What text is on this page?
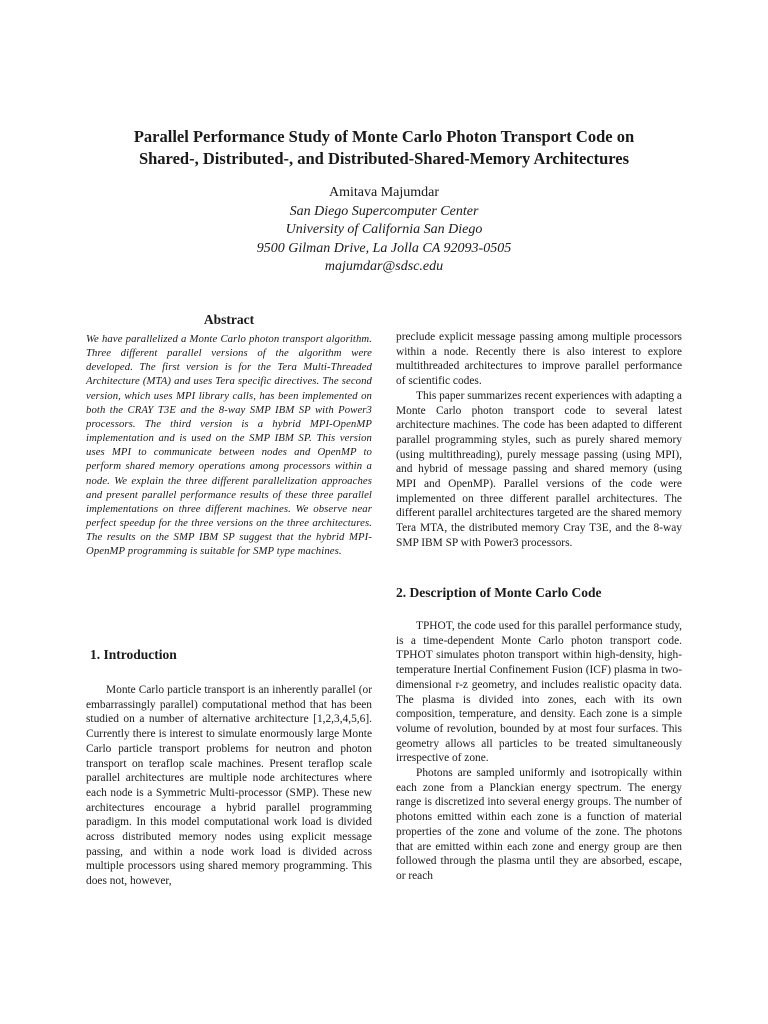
Parallel Performance Study of Monte Carlo Photon Transport Code on
Shared-, Distributed-, and Distributed-Shared-Memory Architectures
Amitava Majumdar
San Diego Supercomputer Center
University of California San Diego
9500 Gilman Drive, La Jolla CA 92093-0505
majumdar@sdsc.edu
Abstract

We have parallelized a Monte Carlo photon transport algorithm. Three different parallel versions of the algorithm were developed. The first version is for the Tera Multi-Threaded Architecture (MTA) and uses Tera specific directives. The second version, which uses MPI library calls, has been implemented on both the CRAY T3E and the 8-way SMP IBM SP with Power3 processors. The third version is a hybrid MPI-OpenMP implementation and is used on the SMP IBM SP. This version uses MPI to communicate between nodes and OpenMP to perform shared memory operations among processors within a node. We explain the three different parallelization approaches and present parallel performance results of these three parallel implementations on three different machines. We observe near perfect speedup for the three versions on the three architectures. The results on the SMP IBM SP suggest that the hybrid MPI-OpenMP programming is suitable for SMP type machines.

1. Introduction

Monte Carlo particle transport is an inherently parallel (or embarrassingly parallel) computational method that has been studied on a number of alternative architecture [1,2,3,4,5,6]. Currently there is interest to simulate enormously large Monte Carlo particle transport problems for neutron and photon transport on teraflop scale machines. Present teraflop scale parallel architectures are multiple node architectures where each node is a Symmetric Multi-processor (SMP). These new architectures encourage a hybrid parallel programming paradigm. In this model computational work load is divided across distributed memory nodes using explicit message passing, and within a node work load is divided across multiple processors using shared memory programming. This does not, however,

preclude explicit message passing among multiple processors within a node. Recently there is also interest to explore multithreaded architectures to improve parallel performance of scientific codes.

This paper summarizes recent experiences with adapting a Monte Carlo photon transport code to several latest architecture machines. The code has been adapted to different parallel programming styles, such as purely shared memory (using multithreading), purely message passing (using MPI), and hybrid of message passing and shared memory (using MPI and OpenMP). Parallel versions of the code were implemented on three different parallel architectures. The different parallel architectures targeted are the shared memory Tera MTA, the distributed memory Cray T3E, and the 8-way SMP IBM SP with Power3 processors.

2. Description of Monte Carlo Code

TPHOT, the code used for this parallel performance study, is a time-dependent Monte Carlo photon transport code. TPHOT simulates photon transport within high-density, high-temperature Inertial Confinement Fusion (ICF) plasma in two-dimensional r-z geometry, and includes realistic opacity data. The plasma is divided into zones, each with its own composition, temperature, and density. Each zone is a simple volume of revolution, bounded by at most four surfaces. This geometry allows all particles to be treated simultaneously irrespective of zone.

Photons are sampled uniformly and isotropically within each zone from a Planckian energy spectrum. The energy range is discretized into several energy groups. The number of photons emitted within each zone is a function of material properties of the zone and volume of the zone. The photons that are emitted within each zone and energy group are then followed through the plasma until they are absorbed, escape, or reach
